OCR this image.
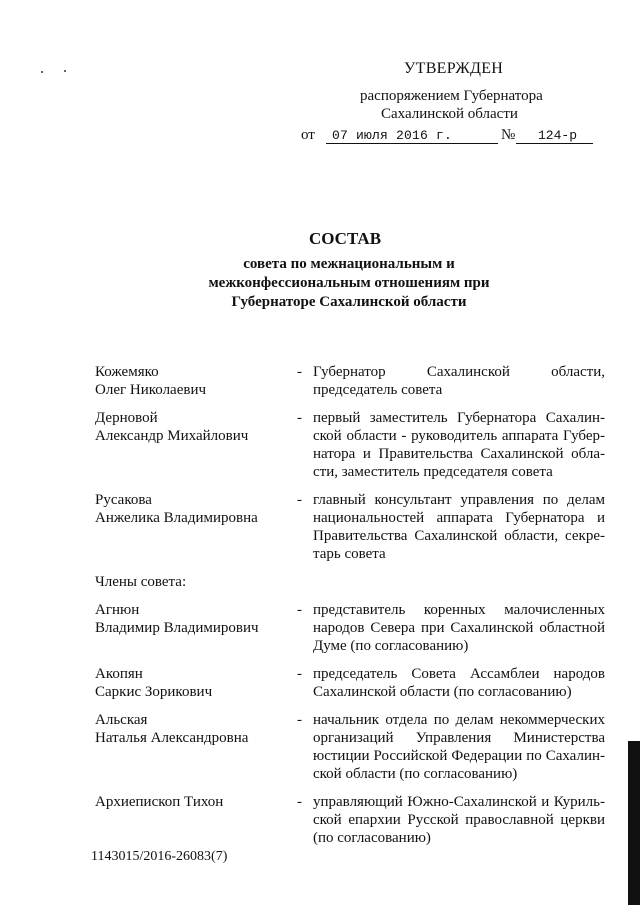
УТВЕРЖДЕН
распоряжением Губернатора
Сахалинской области
от	07 июля 2016 г.	№	124-р
СОСТАВ
совета по межнациональным и
межконфессиональным отношениям при
Губернаторе Сахалинской области
Кожемяко
Олег Николаевич
- Губернатор Сахалинской области,
председатель совета
Дерновой
Александр Михайлович
- первый заместитель Губернатора Сахалин-
ской области - руководитель аппарата Губер-
натора и Правительства Сахалинской обла-
сти, заместитель председателя совета
Русакова
Анжелика Владимировна
- главный консультант управления по делам
национальностей аппарата Губернатора и
Правительства Сахалинской области, секре-
тарь совета
Члены совета:
Агнюн
Владимир Владимирович
- представитель коренных малочисленных
народов Севера при Сахалинской областной
Думе (по согласованию)
Акопян
Саркис Зорикович
- председатель Совета Ассамблеи народов
Сахалинской области (по согласованию)
Альская
Наталья Александровна
- начальник отдела по делам некоммерческих
организаций Управления Министерства
юстиции Российской Федерации по Сахалин-
ской области (по согласованию)
Архиепископ Тихон	- управляющий Южно-Сахалинской и Куриль-
ской епархии Русской православной церкви
(по согласованию)
1143015/2016-26083(7)
